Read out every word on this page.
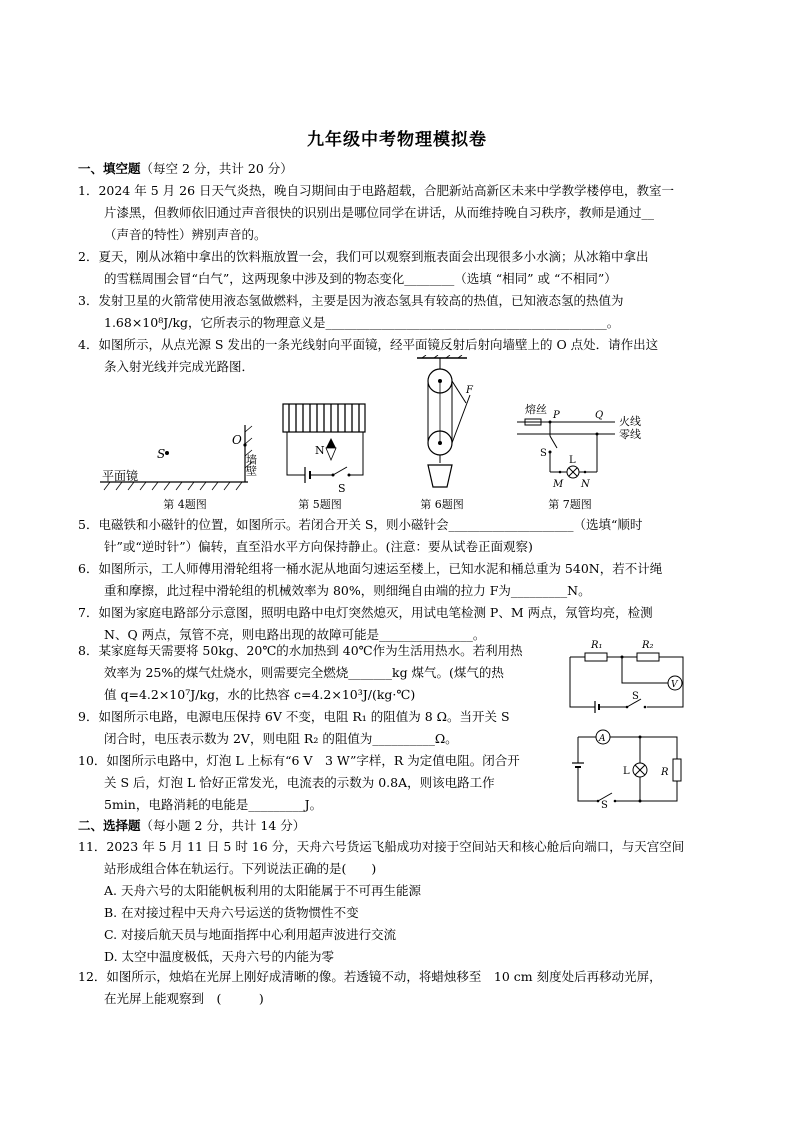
九年级中考物理模拟卷
一、填空题（每空 2 分，共计 20 分）
1．2024 年 5 月 26 日天气炎热，晚自习期间由于电路超载，合肥新站高新区未来中学教学楼停电，教室一
片漆黑，但教师依旧通过声音很快的识别出是哪位同学在讲话，从而维持晚自习秩序，教师是通过__
（声音的特性）辨别声音的。
2．夏天，刚从冰箱中拿出的饮料瓶放置一会，我们可以观察到瓶表面会出现很多小水滴；从冰箱中拿出
的雪糕周围会冒“白气”，这两现象中涉及到的物态变化________（选填 “相同” 或 “不相同”）
3．发射卫星的火箭常使用液态氢做燃料，主要是因为液态氢具有较高的热值，已知液态氢的热值为
1.68×10⁸J/kg，它所表示的物理意义是_____________________________________________。
4．如图所示，从点光源 S 发出的一条光线射向平面镜，经平面镜反射后射向墙壁上的 O 点处．请作出这
条入射光线并完成光路图．
S
O
墙壁
平面镜
第 4题图
N
S
第 5题图
F
第 6题图
熔丝
火线
零线
P	Q
S
L
M N
第 7题图
5．电磁铁和小磁针的位置，如图所示。若闭合开关 S，则小磁针会____________________（选填“顺时
针”或“逆时针”）偏转，直至沿水平方向保持静止。(注意：要从试卷正面观察)
6．如图所示，工人师傅用滑轮组将一桶水泥从地面匀速运至楼上，已知水泥和桶总重为 540N，若不计绳
重和摩擦，此过程中滑轮组的机械效率为 80%，则细绳自由端的拉力 F为_________N。
7．如图为家庭电路部分示意图，照明电路中电灯突然熄灭，用试电笔检测 P、M 两点，氖管均亮，检测
N、Q 两点，氖管不亮，则电路出现的故障可能是_______________。
8．某家庭每天需要将 50kg、20℃的水加热到 40℃作为生活用热水。若利用热
效率为 25%的煤气灶烧水，则需要完全燃烧_______kg 煤气。(煤气的热
值 q=4.2×10⁷J/kg，水的比热容 c=4.2×10³J/(kg·℃)
9．如图所示电路，电源电压保持 6V 不变，电阻 R₁ 的阻值为 8 Ω。当开关 S
闭合时，电压表示数为 2V，则电阻 R₂ 的阻值为__________Ω。
V
R₁	R₂
S
10．如图所示电路中，灯泡 L 上标有“6 V　3 W”字样，R 为定值电阻。闭合开
关 S 后，灯泡 L 恰好正常发光，电流表的示数为 0.8A，则该电路工作
5min，电路消耗的电能是_________J。
A
L	R
S
二、选择题（每小题 2 分，共计 14 分）
11．2023 年 5 月 11 日 5 时 16 分，天舟六号货运飞船成功对接于空间站天和核心舱后向端口，与天宫空间
站形成组合体在轨运行。下列说法正确的是(　　)
A. 天舟六号的太阳能帆板利用的太阳能属于不可再生能源
B. 在对接过程中天舟六号运送的货物惯性不变
C. 对接后航天员与地面指挥中心利用超声波进行交流
D. 太空中温度极低，天舟六号的内能为零
12．如图所示，烛焰在光屏上刚好成清晰的像。若透镜不动，将蜡烛移至　10 cm 刻度处后再移动光屏，
在光屏上能观察到　(　　　)
